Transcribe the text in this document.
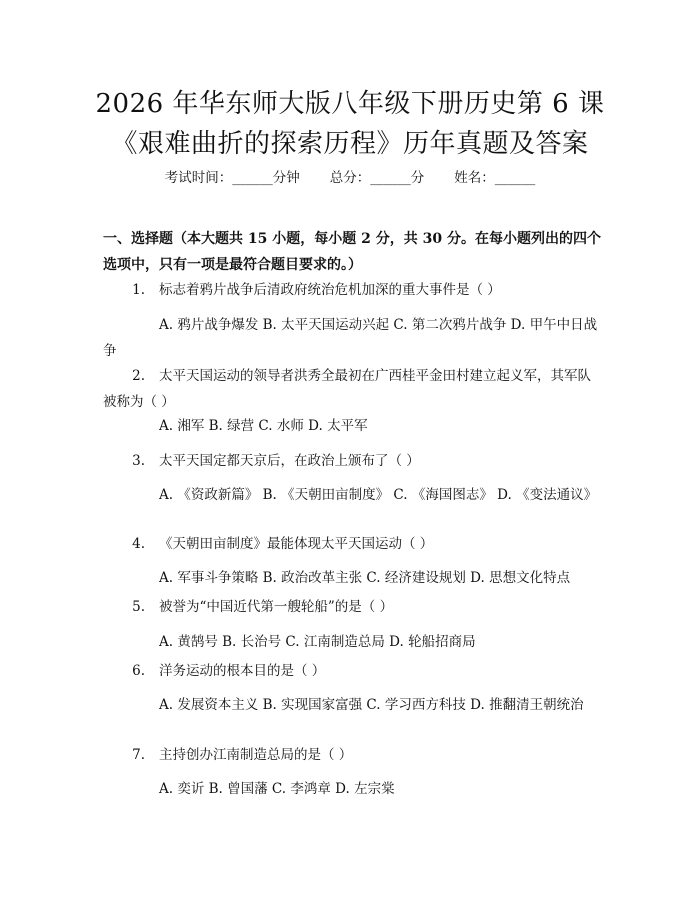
2026 年华东师大版八年级下册历史第 6 课
《艰难曲折的探索历程》历年真题及答案
考试时间：______分钟 总分：______分 姓名：______
一、选择题（本大题共 15 小题，每小题 2 分，共 30 分。在每小题列出的四个选项中，只有一项是最符合题目要求的。）
1. 标志着鸦片战争后清政府统治危机加深的重大事件是（ ）
A. 鸦片战争爆发 B. 太平天国运动兴起 C. 第二次鸦片战争 D. 甲午中日战争
2. 太平天国运动的领导者洪秀全最初在广西桂平金田村建立起义军，其军队被称为（ ）
A. 湘军 B. 绿营 C. 水师 D. 太平军
3. 太平天国定都天京后，在政治上颁布了（ ）
A. 《资政新篇》 B. 《天朝田亩制度》 C. 《海国图志》 D. 《变法通议》
4. 《天朝田亩制度》最能体现太平天国运动（ ）
A. 军事斗争策略 B. 政治改革主张 C. 经济建设规划 D. 思想文化特点
5. 被誉为“中国近代第一艘轮船”的是（ ）
A. 黄鹄号 B. 长治号 C. 江南制造总局 D. 轮船招商局
6. 洋务运动的根本目的是（ ）
A. 发展资本主义 B. 实现国家富强 C. 学习西方科技 D. 推翻清王朝统治
7. 主持创办江南制造总局的是（ ）
A. 奕䜣 B. 曾国藩 C. 李鸿章 D. 左宗棠
